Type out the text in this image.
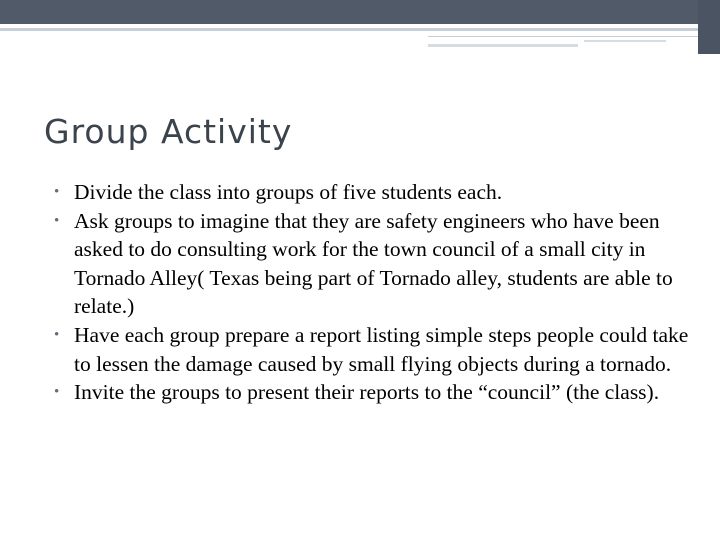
Group Activity
• Divide the class into groups of five students each.
• Ask groups to imagine that they are safety engineers who have been asked to do consulting work for the town council of a small city in Tornado Alley( Texas being part of Tornado alley, students are able to relate.)
• Have each group prepare a report listing simple steps people could take to lessen the damage caused by small flying objects during a tornado.
• Invite the groups to present their reports to the “council” (the class).
